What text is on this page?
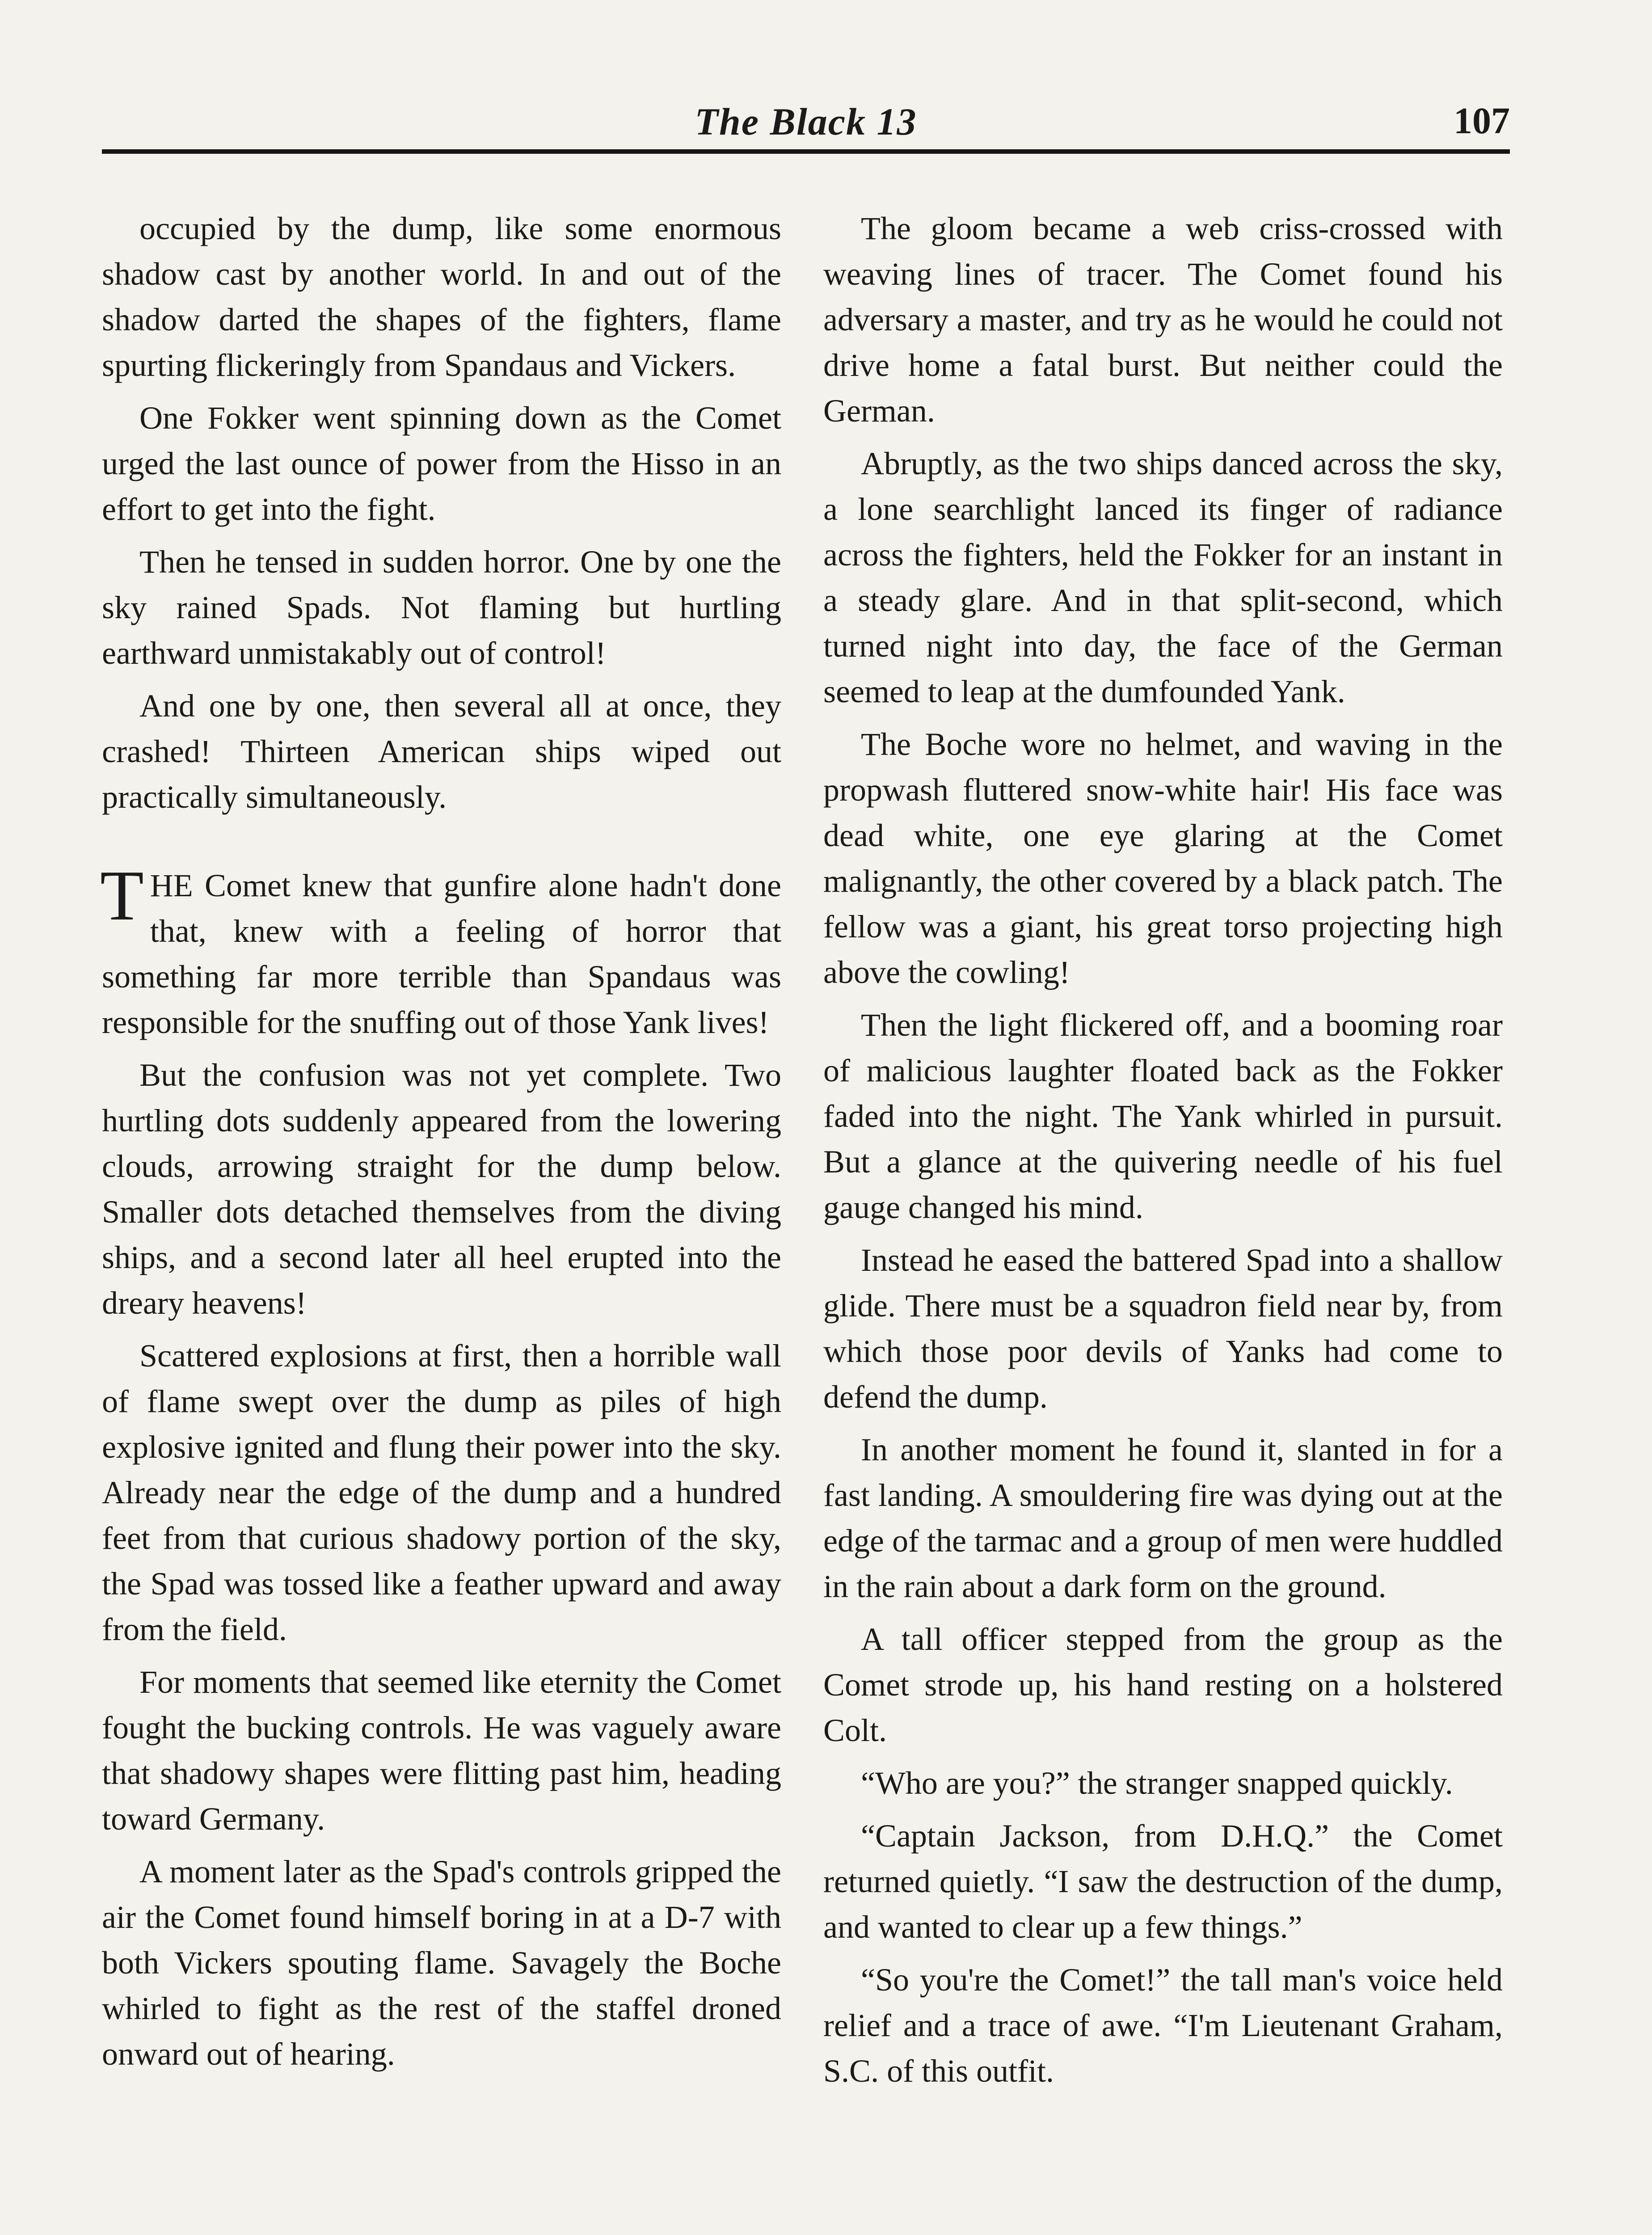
The Black 13	107

occupied by the dump, like some enormous shadow cast by another world. In and out of the shadow darted the shapes of the fighters, flame spurting flickeringly from Spandaus and Vickers.

One Fokker went spinning down as the Comet urged the last ounce of power from the Hisso in an effort to get into the fight.

Then he tensed in sudden horror. One by one the sky rained Spads. Not flaming but hurtling earthward unmistakably out of control!

And one by one, then several all at once, they crashed! Thirteen American ships wiped out practically simultaneously.

THE Comet knew that gunfire alone hadn't done that, knew with a feeling of horror that something far more terrible than Spandaus was responsible for the snuffing out of those Yank lives!

But the confusion was not yet complete. Two hurtling dots suddenly appeared from the lowering clouds, arrowing straight for the dump below. Smaller dots detached themselves from the diving ships, and a second later all heel erupted into the dreary heavens!

Scattered explosions at first, then a horrible wall of flame swept over the dump as piles of high explosive ignited and flung their power into the sky. Already near the edge of the dump and a hundred feet from that curious shadowy portion of the sky, the Spad was tossed like a feather upward and away from the field.

For moments that seemed like eternity the Comet fought the bucking controls. He was vaguely aware that shadowy shapes were flitting past him, heading toward Germany.

A moment later as the Spad's controls gripped the air the Comet found himself boring in at a D-7 with both Vickers spouting flame. Savagely the Boche whirled to fight as the rest of the staffel droned onward out of hearing.

The gloom became a web criss-crossed with weaving lines of tracer. The Comet found his adversary a master, and try as he would he could not drive home a fatal burst. But neither could the German.

Abruptly, as the two ships danced across the sky, a lone searchlight lanced its finger of radiance across the fighters, held the Fokker for an instant in a steady glare. And in that split-second, which turned night into day, the face of the German seemed to leap at the dumfounded Yank.

The Boche wore no helmet, and waving in the propwash fluttered snow-white hair! His face was dead white, one eye glaring at the Comet malignantly, the other covered by a black patch. The fellow was a giant, his great torso projecting high above the cowling!

Then the light flickered off, and a booming roar of malicious laughter floated back as the Fokker faded into the night. The Yank whirled in pursuit. But a glance at the quivering needle of his fuel gauge changed his mind.

Instead he eased the battered Spad into a shallow glide. There must be a squadron field near by, from which those poor devils of Yanks had come to defend the dump.

In another moment he found it, slanted in for a fast landing. A smouldering fire was dying out at the edge of the tarmac and a group of men were huddled in the rain about a dark form on the ground.

A tall officer stepped from the group as the Comet strode up, his hand resting on a holstered Colt.

“Who are you?” the stranger snapped quickly.

“Captain Jackson, from D.H.Q.” the Comet returned quietly. “I saw the destruction of the dump, and wanted to clear up a few things.”

“So you're the Comet!” the tall man's voice held relief and a trace of awe. “I'm Lieutenant Graham, S.C. of this outfit.
